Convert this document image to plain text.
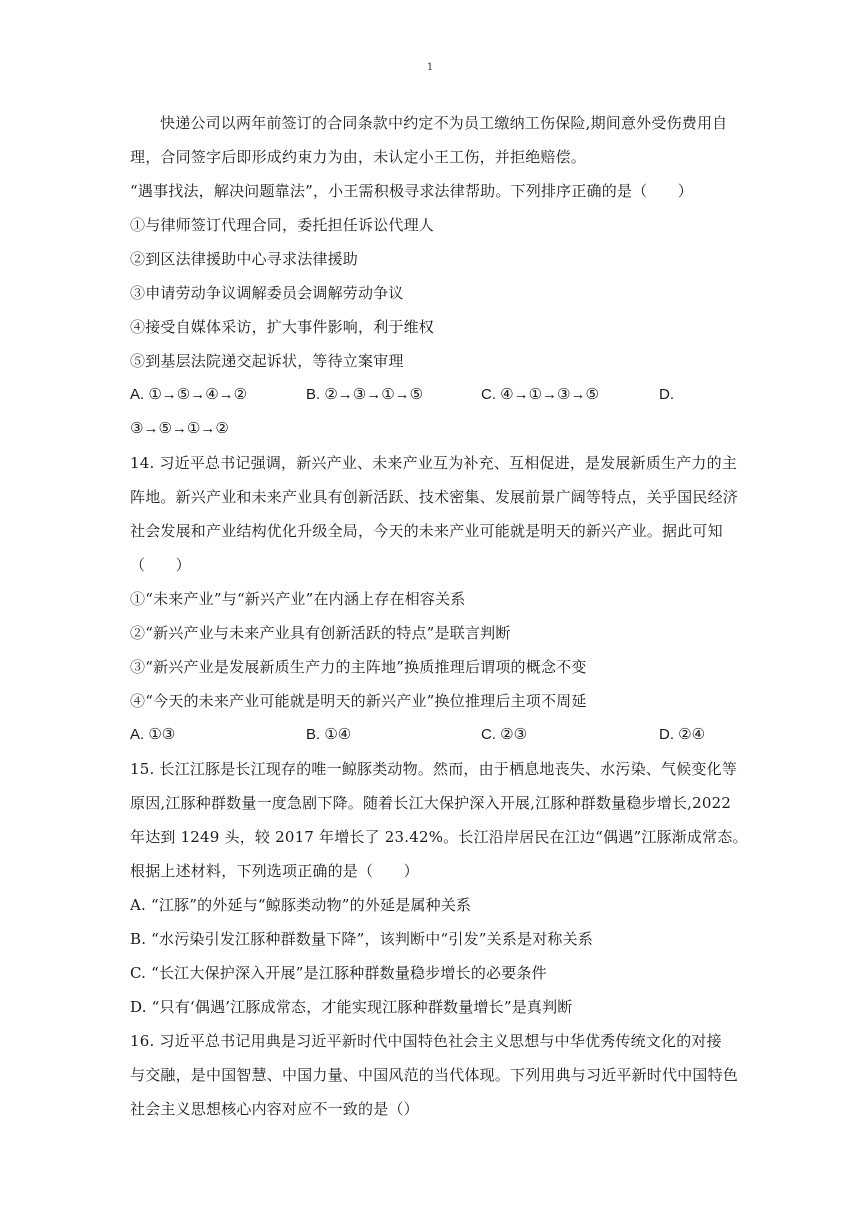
1
快递公司以两年前签订的合同条款中约定不为员工缴纳工伤保险,期间意外受伤费用自
理，合同签字后即形成约束力为由，未认定小王工伤，并拒绝赔偿。
“遇事找法，解决问题靠法”，小王需积极寻求法律帮助。下列排序正确的是（　　）
①与律师签订代理合同，委托担任诉讼代理人
②到区法律援助中心寻求法律援助
③申请劳动争议调解委员会调解劳动争议
④接受自媒体采访，扩大事件影响，利于维权
⑤到基层法院递交起诉状，等待立案审理
A. ①→⑤→④→②	B. ②→③→①→⑤	C. ④→①→③→⑤	D.
③→⑤→①→②
14. 习近平总书记强调，新兴产业、未来产业互为补充、互相促进，是发展新质生产力的主
阵地。新兴产业和未来产业具有创新活跃、技术密集、发展前景广阔等特点，关乎国民经济
社会发展和产业结构优化升级全局，今天的未来产业可能就是明天的新兴产业。据此可知
（　　）
①“未来产业”与“新兴产业”在内涵上存在相容关系
②“新兴产业与未来产业具有创新活跃的特点”是联言判断
③“新兴产业是发展新质生产力的主阵地”换质推理后谓项的概念不变
④“今天的未来产业可能就是明天的新兴产业”换位推理后主项不周延
A. ①③	B. ①④	C. ②③	D. ②④
15. 长江江豚是长江现存的唯一鲸豚类动物。然而，由于栖息地丧失、水污染、气候变化等
原因,江豚种群数量一度急剧下降。随着长江大保护深入开展,江豚种群数量稳步增长,2022
年达到 1249 头，较 2017 年增长了 23.42%。长江沿岸居民在江边“偶遇”江豚渐成常态。
根据上述材料，下列选项正确的是（　　）
A. “江豚”的外延与“鲸豚类动物”的外延是属种关系
B. “水污染引发江豚种群数量下降”，该判断中“引发”关系是对称关系
C. “长江大保护深入开展”是江豚种群数量稳步增长的必要条件
D. “只有‘偶遇’江豚成常态，才能实现江豚种群数量增长”是真判断
16. 习近平总书记用典是习近平新时代中国特色社会主义思想与中华优秀传统文化的对接
与交融，是中国智慧、中国力量、中国风范的当代体现。下列用典与习近平新时代中国特色
社会主义思想核心内容对应不一致的是（）
